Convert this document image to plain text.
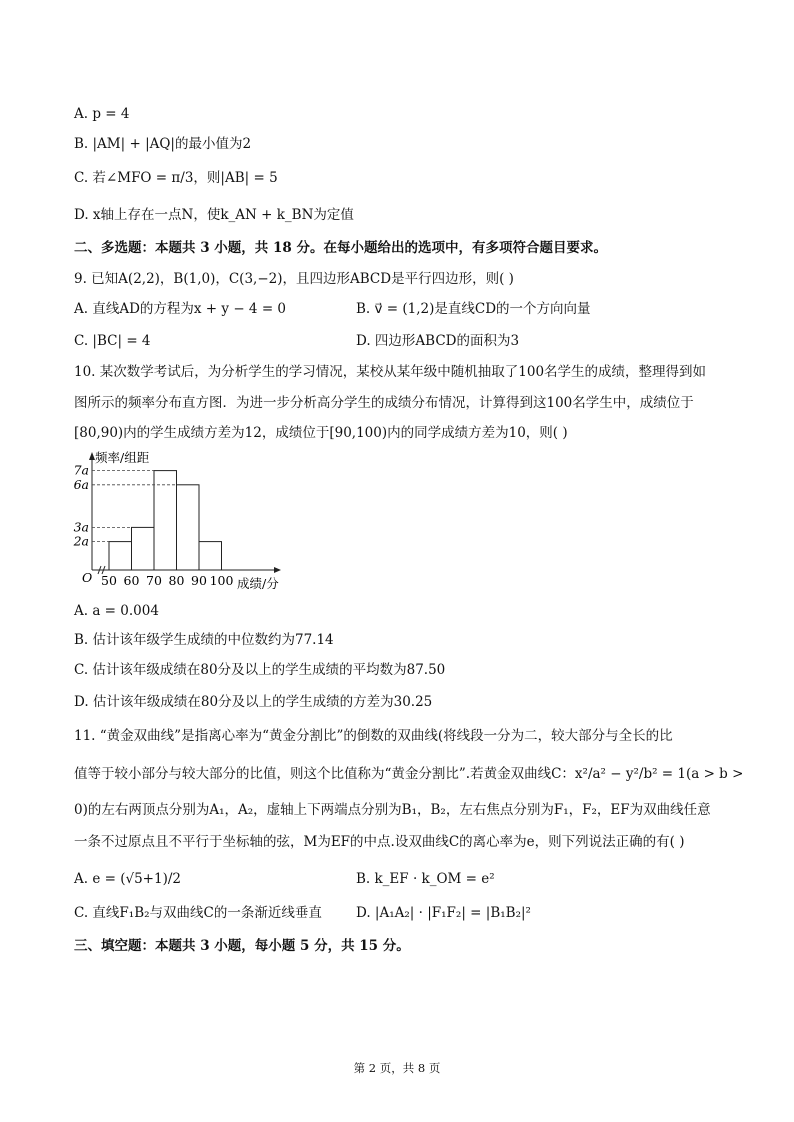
A. p = 4
B. |AM| + |AQ|的最小值为2
C. 若∠MFO = π/3，则|AB| = 5
D. x轴上存在一点N，使k_AN + k_BN为定值
二、多选题：本题共 3 小题，共 18 分。在每小题给出的选项中，有多项符合题目要求。
9. 已知A(2,2)，B(1,0)，C(3,−2)，且四边形ABCD是平行四边形，则( )
A. 直线AD的方程为x + y − 4 = 0	B. v⃗ = (1,2)是直线CD的一个方向向量
C. |BC| = 4	D. 四边形ABCD的面积为3
10. 某次数学考试后，为分析学生的学习情况，某校从某年级中随机抽取了100名学生的成绩，整理得到如
图所示的频率分布直方图．为进一步分析高分学生的成绩分布情况，计算得到这100名学生中，成绩位于
[80,90)内的学生成绩方差为12，成绩位于[90,100)内的同学成绩方差为10，则( )
2a
3a
6a
7a
50 60 70 80 90 100
O
频率/组距
成绩/分
A. a = 0.004
B. 估计该年级学生成绩的中位数约为77.14
C. 估计该年级成绩在80分及以上的学生成绩的平均数为87.50
D. 估计该年级成绩在80分及以上的学生成绩的方差为30.25
11. “黄金双曲线”是指离心率为“黄金分割比”的倒数的双曲线(将线段一分为二，较大部分与全长的比
值等于较小部分与较大部分的比值，则这个比值称为“黄金分割比”.若黄金双曲线C：x²/a² − y²/b² = 1(a > b >
0)的左右两顶点分别为A₁，A₂，虚轴上下两端点分别为B₁，B₂，左右焦点分别为F₁，F₂，EF为双曲线任意
一条不过原点且不平行于坐标轴的弦，M为EF的中点.设双曲线C的离心率为e，则下列说法正确的有( )
A. e = (√5+1)/2	B. k_EF · k_OM = e²
C. 直线F₁B₂与双曲线C的一条渐近线垂直	D. |A₁A₂| · |F₁F₂| = |B₁B₂|²
三、填空题：本题共 3 小题，每小题 5 分，共 15 分。
第 2 页，共 8 页
